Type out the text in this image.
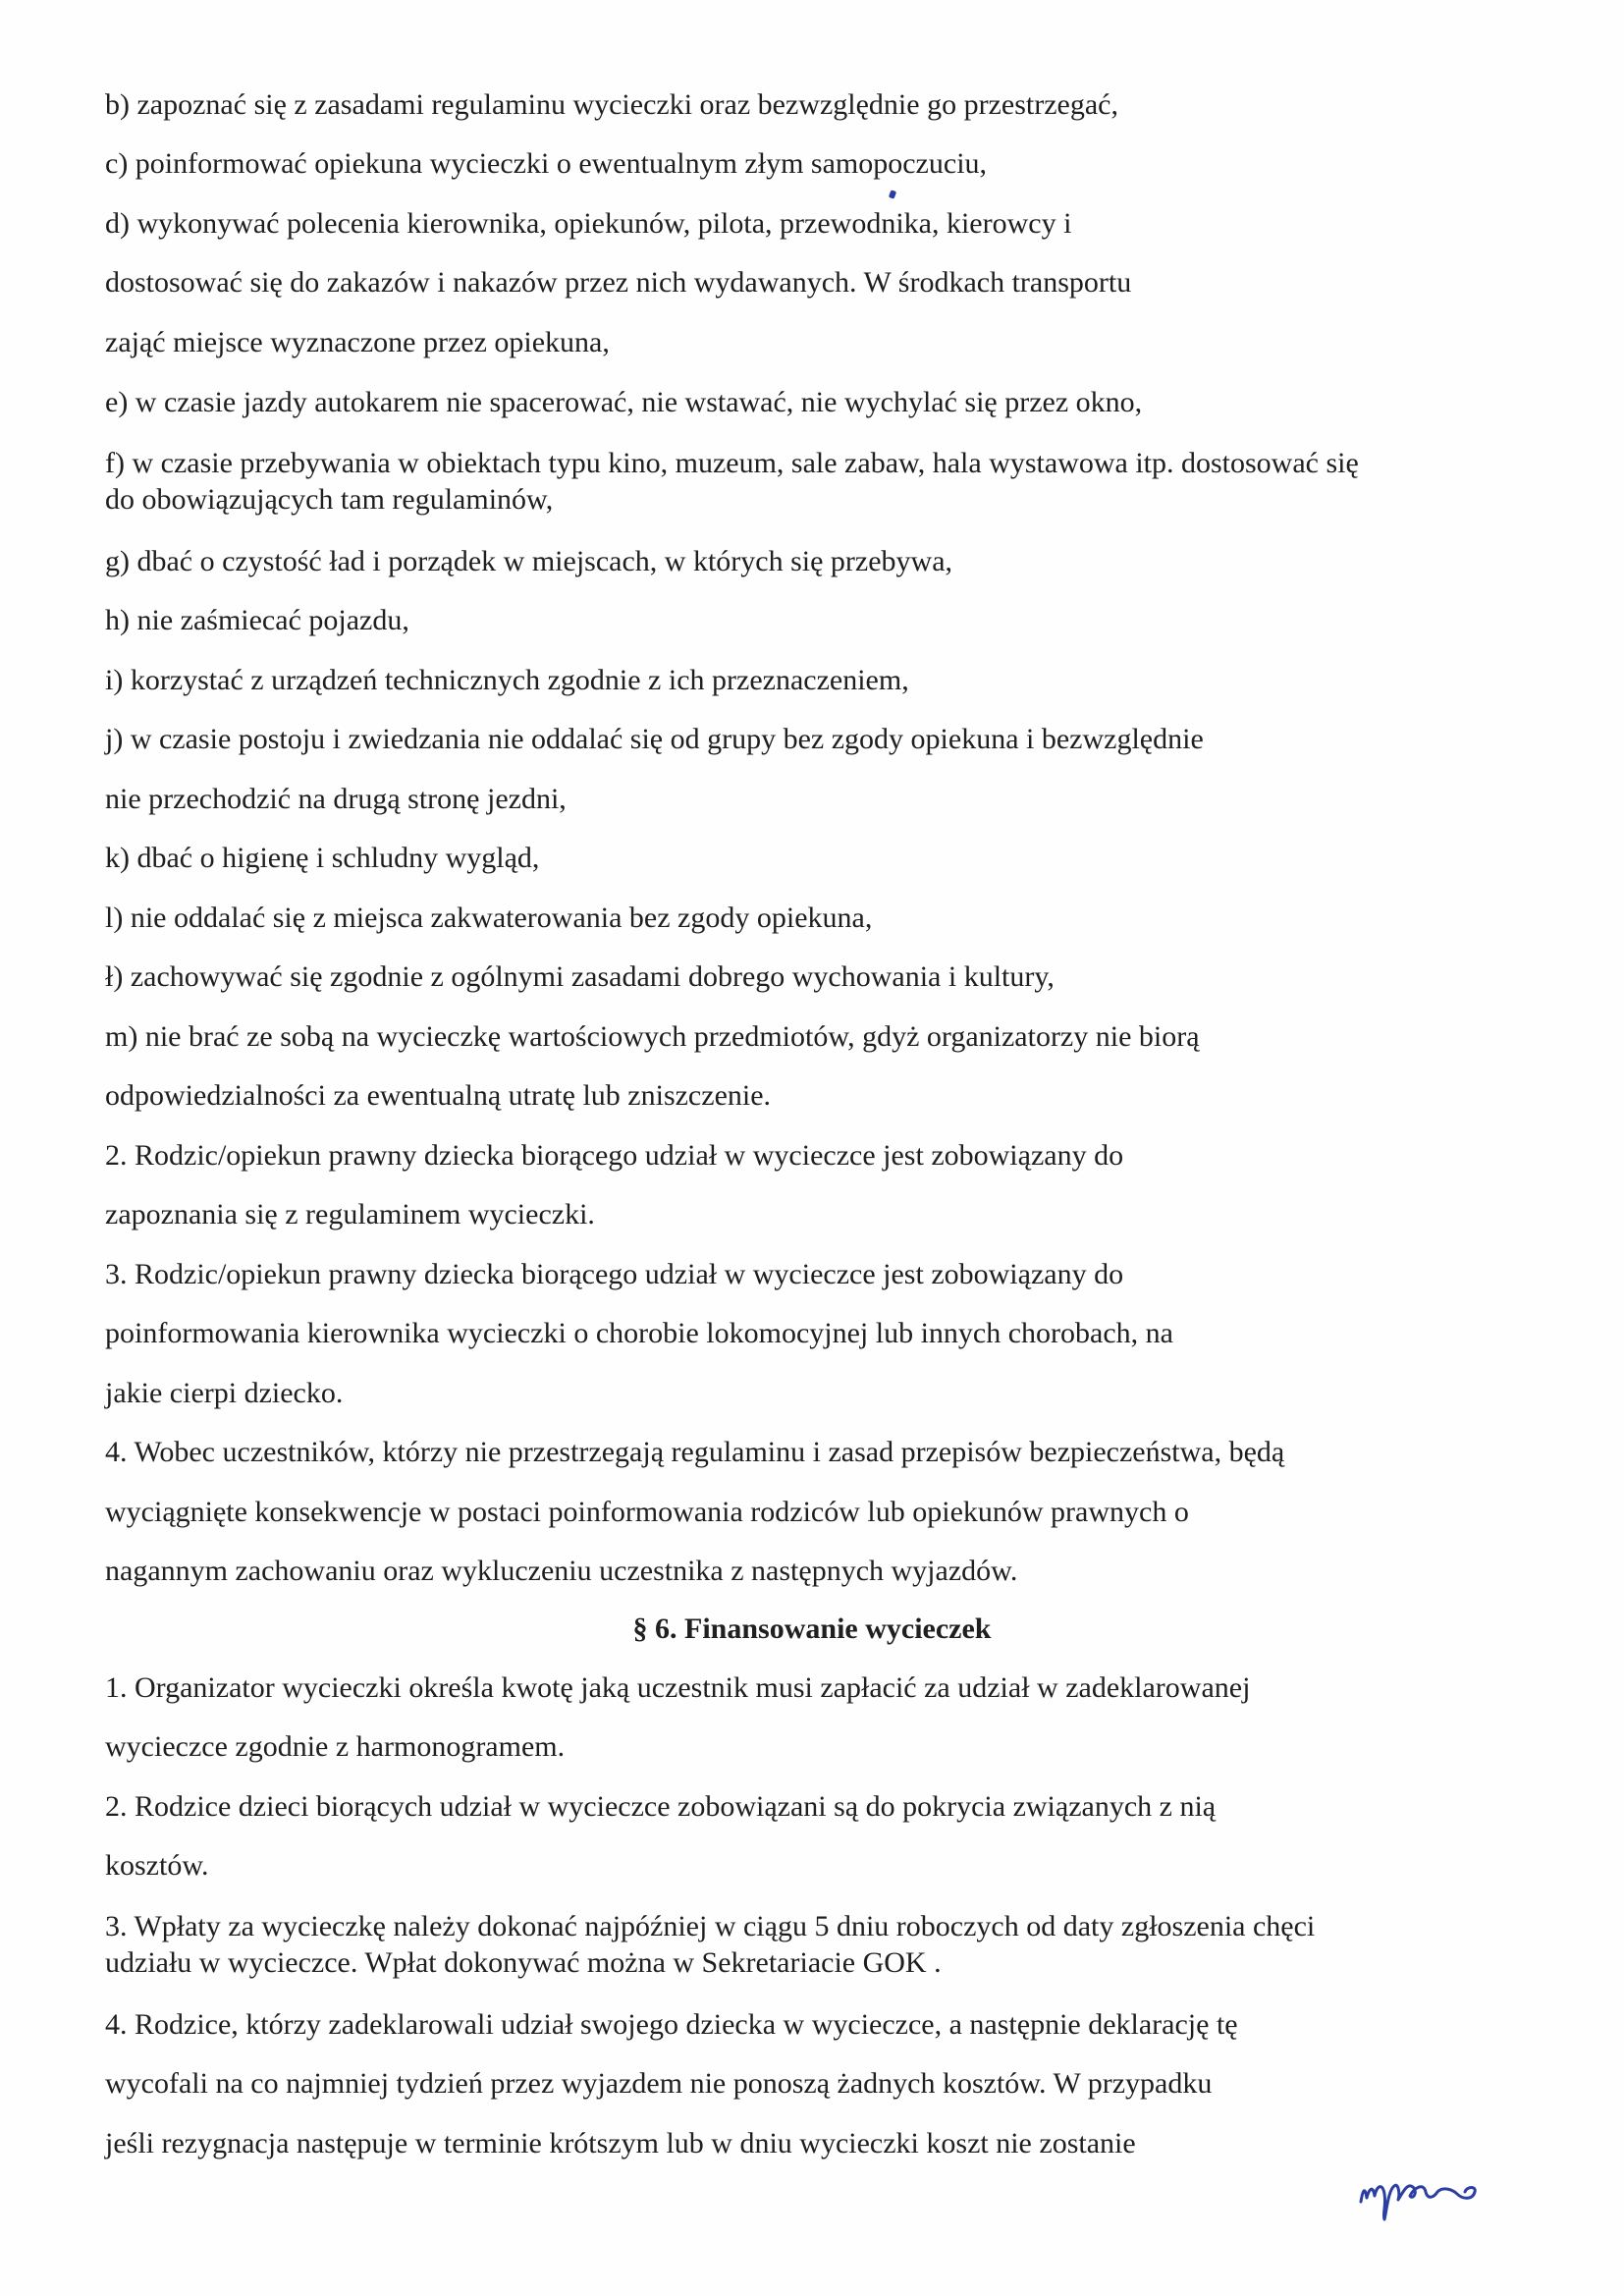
b) zapoznać się z zasadami regulaminu wycieczki oraz bezwzględnie go przestrzegać,

c) poinformować opiekuna wycieczki o ewentualnym złym samopoczuciu,

d) wykonywać polecenia kierownika, opiekunów, pilota, przewodnika, kierowcy i

dostosować się do zakazów i nakazów przez nich wydawanych. W środkach transportu

zająć miejsce wyznaczone przez opiekuna,

e) w czasie jazdy autokarem nie spacerować, nie wstawać, nie wychylać się przez okno,

f) w czasie przebywania w obiektach typu kino, muzeum, sale zabaw, hala wystawowa itp. dostosować się

do obowiązujących tam regulaminów,

g) dbać o czystość ład i porządek w miejscach, w których się przebywa,

h) nie zaśmiecać pojazdu,

i) korzystać z urządzeń technicznych zgodnie z ich przeznaczeniem,

j) w czasie postoju i zwiedzania nie oddalać się od grupy bez zgody opiekuna i bezwzględnie

nie przechodzić na drugą stronę jezdni,

k) dbać o higienę i schludny wygląd,

l) nie oddalać się z miejsca zakwaterowania bez zgody opiekuna,

ł) zachowywać się zgodnie z ogólnymi zasadami dobrego wychowania i kultury,

m) nie brać ze sobą na wycieczkę wartościowych przedmiotów, gdyż organizatorzy nie biorą

odpowiedzialności za ewentualną utratę lub zniszczenie.

2. Rodzic/opiekun prawny dziecka biorącego udział w wycieczce jest zobowiązany do

zapoznania się z regulaminem wycieczki.

3. Rodzic/opiekun prawny dziecka biorącego udział w wycieczce jest zobowiązany do

poinformowania kierownika wycieczki o chorobie lokomocyjnej lub innych chorobach, na

jakie cierpi dziecko.

4. Wobec uczestników, którzy nie przestrzegają regulaminu i zasad przepisów bezpieczeństwa, będą

wyciągnięte konsekwencje w postaci poinformowania rodziców lub opiekunów prawnych o

nagannym zachowaniu oraz wykluczeniu uczestnika z następnych wyjazdów.

§ 6. Finansowanie wycieczek

1. Organizator wycieczki określa kwotę jaką uczestnik musi zapłacić za udział w zadeklarowanej

wycieczce zgodnie z harmonogramem.

2. Rodzice dzieci biorących udział w wycieczce zobowiązani są do pokrycia związanych z nią

kosztów.

3. Wpłaty za wycieczkę należy dokonać najpóźniej w ciągu 5 dniu roboczych od daty zgłoszenia chęci

udziału w wycieczce. Wpłat dokonywać można w Sekretariacie GOK .

4. Rodzice, którzy zadeklarowali udział swojego dziecka w wycieczce, a następnie deklarację tę

wycofali na co najmniej tydzień przez wyjazdem nie ponoszą żadnych kosztów. W przypadku

jeśli rezygnacja następuje w terminie krótszym lub w dniu wycieczki koszt nie zostanie
